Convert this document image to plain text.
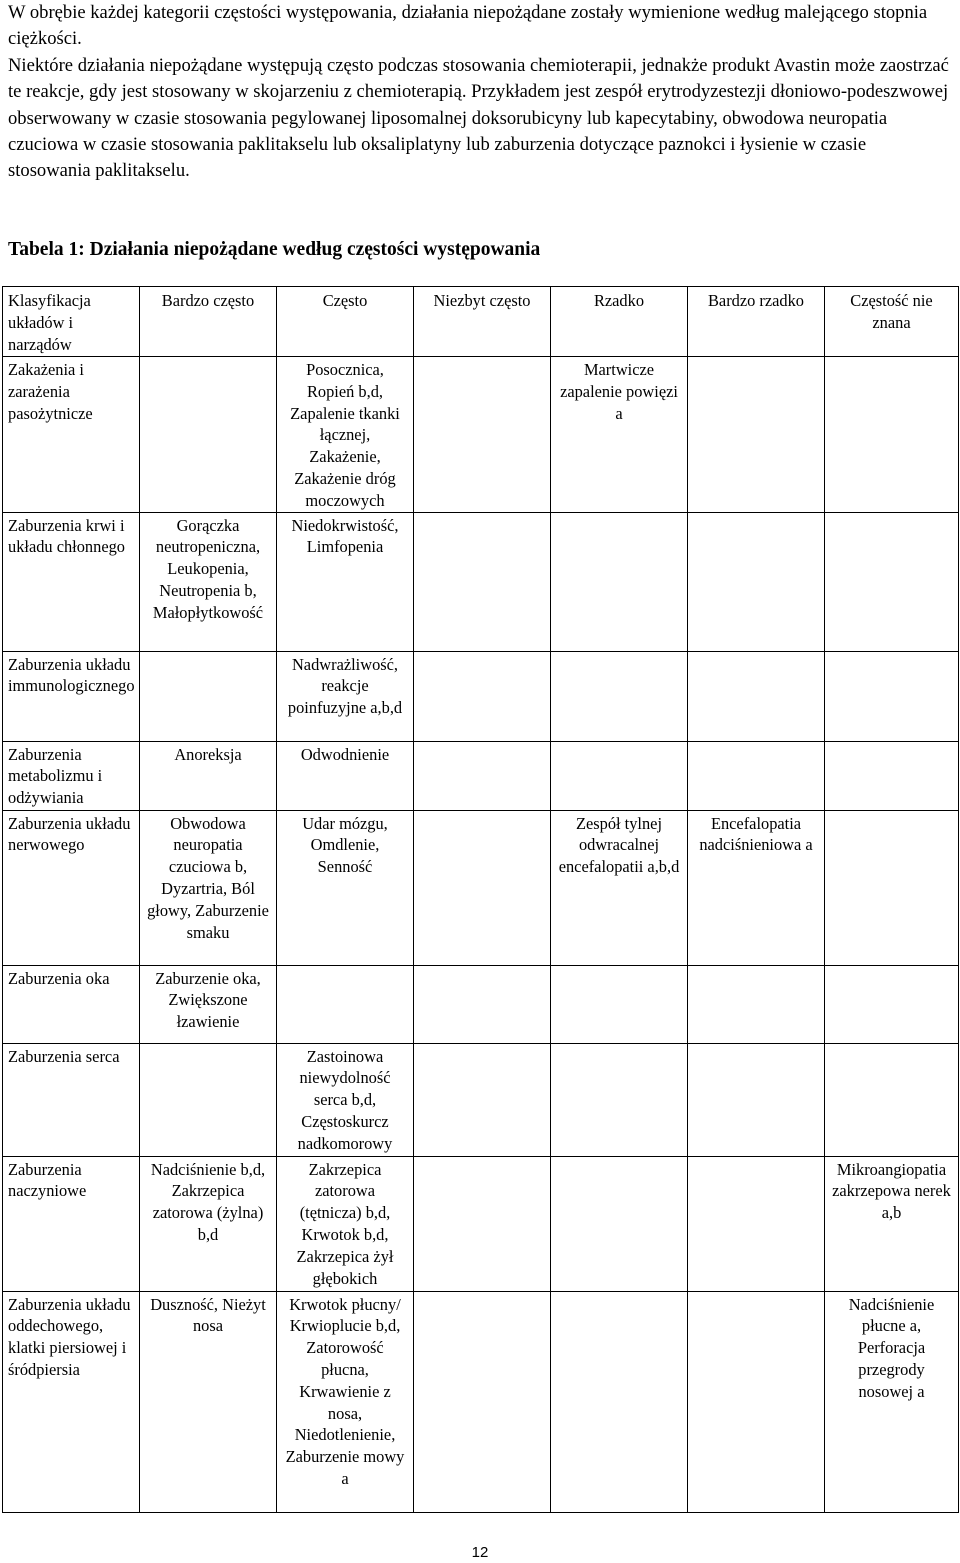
W obrębie każdej kategorii częstości występowania, działania niepożądane zostały wymienione według malejącego stopnia ciężkości.

Niektóre działania niepożądane występują często podczas stosowania chemioterapii, jednakże produkt Avastin może zaostrzać te reakcje, gdy jest stosowany w skojarzeniu z chemioterapią. Przykładem jest zespół erytrodyzestezji dłoniowo-podeszwowej obserwowany w czasie stosowania pegylowanej liposomalnej doksorubicyny lub kapecytabiny, obwodowa neuropatia czuciowa w czasie stosowania paklitakselu lub oksaliplatyny lub zaburzenia dotyczące paznokci i łysienie w czasie stosowania paklitakselu.

Tabela 1: Działania niepożądane według częstości występowania
Klasyfikacja układów i narządów	Bardzo często	Często	Niezbyt często	Rzadko	Bardzo rzadko	Częstość nie znana
Zakażenia i zarażenia pasożytnicze		Posocznica, Ropień b,d, Zapalenie tkanki łącznej, Zakażenie, Zakażenie dróg moczowych		Martwicze zapalenie powięzi a		
Zaburzenia krwi i układu chłonnego	Gorączka neutropeniczna, Leukopenia, Neutropenia b, Małopłytkowość	Niedokrwistość, Limfopenia				
Zaburzenia układu immunologicznego		Nadwrażliwość, reakcje poinfuzyjne a,b,d				
Zaburzenia metabolizmu i odżywiania	Anoreksja	Odwodnienie				
Zaburzenia układu nerwowego	Obwodowa neuropatia czuciowa b, Dyzartria, Ból głowy, Zaburzenie smaku	Udar mózgu, Omdlenie, Senność		Zespół tylnej odwracalnej encefalopatii a,b,d	Encefalopatia nadciśnieniowa a	
Zaburzenia oka	Zaburzenie oka, Zwiększone łzawienie					
Zaburzenia serca		Zastoinowa niewydolność serca b,d, Częstoskurcz nadkomorowy				
Zaburzenia naczyniowe	Nadciśnienie b,d, Zakrzepica zatorowa (żylna) b,d	Zakrzepica zatorowa (tętnicza) b,d, Krwotok b,d, Zakrzepica żył głębokich				Mikroangiopatia zakrzepowa nerek a,b
Zaburzenia układu oddechowego, klatki piersiowej i śródpiersia	Duszność, Nieżyt nosa	Krwotok płucny/ Krwioplucie b,d, Zatorowość płucna, Krwawienie z nosa, Niedotlenienie, Zaburzenie mowy a				Nadciśnienie płucne a, Perforacja przegrody nosowej a
12
